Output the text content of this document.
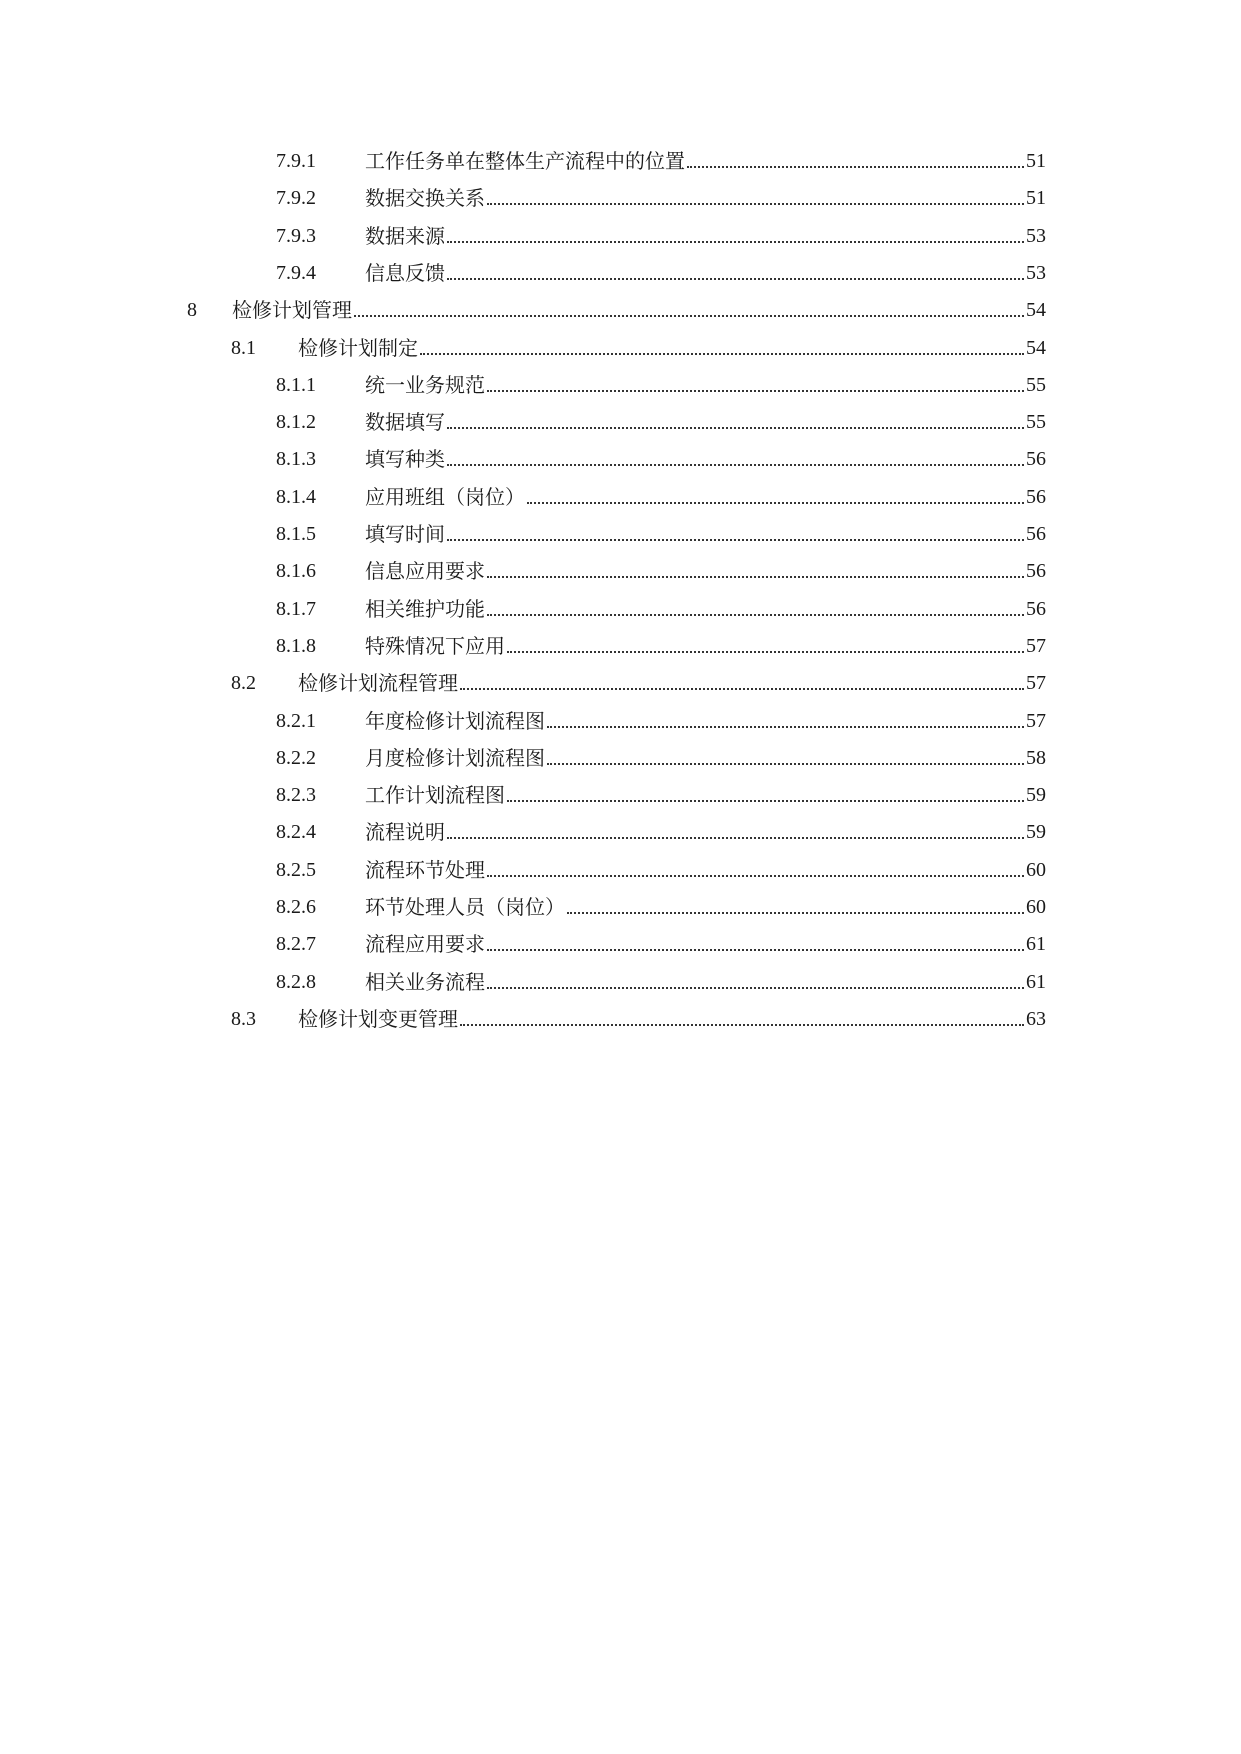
7.9.1	工作任务单在整体生产流程中的位置	51
7.9.2	数据交换关系	51
7.9.3	数据来源	53
7.9.4	信息反馈	53
8	检修计划管理	54
8.1	检修计划制定	54
8.1.1	统一业务规范	55
8.1.2	数据填写	55
8.1.3	填写种类	56
8.1.4	应用班组（岗位）	56
8.1.5	填写时间	56
8.1.6	信息应用要求	56
8.1.7	相关维护功能	56
8.1.8	特殊情况下应用	57
8.2	检修计划流程管理	57
8.2.1	年度检修计划流程图	57
8.2.2	月度检修计划流程图	58
8.2.3	工作计划流程图	59
8.2.4	流程说明	59
8.2.5	流程环节处理	60
8.2.6	环节处理人员（岗位）	60
8.2.7	流程应用要求	61
8.2.8	相关业务流程	61
8.3	检修计划变更管理	63
